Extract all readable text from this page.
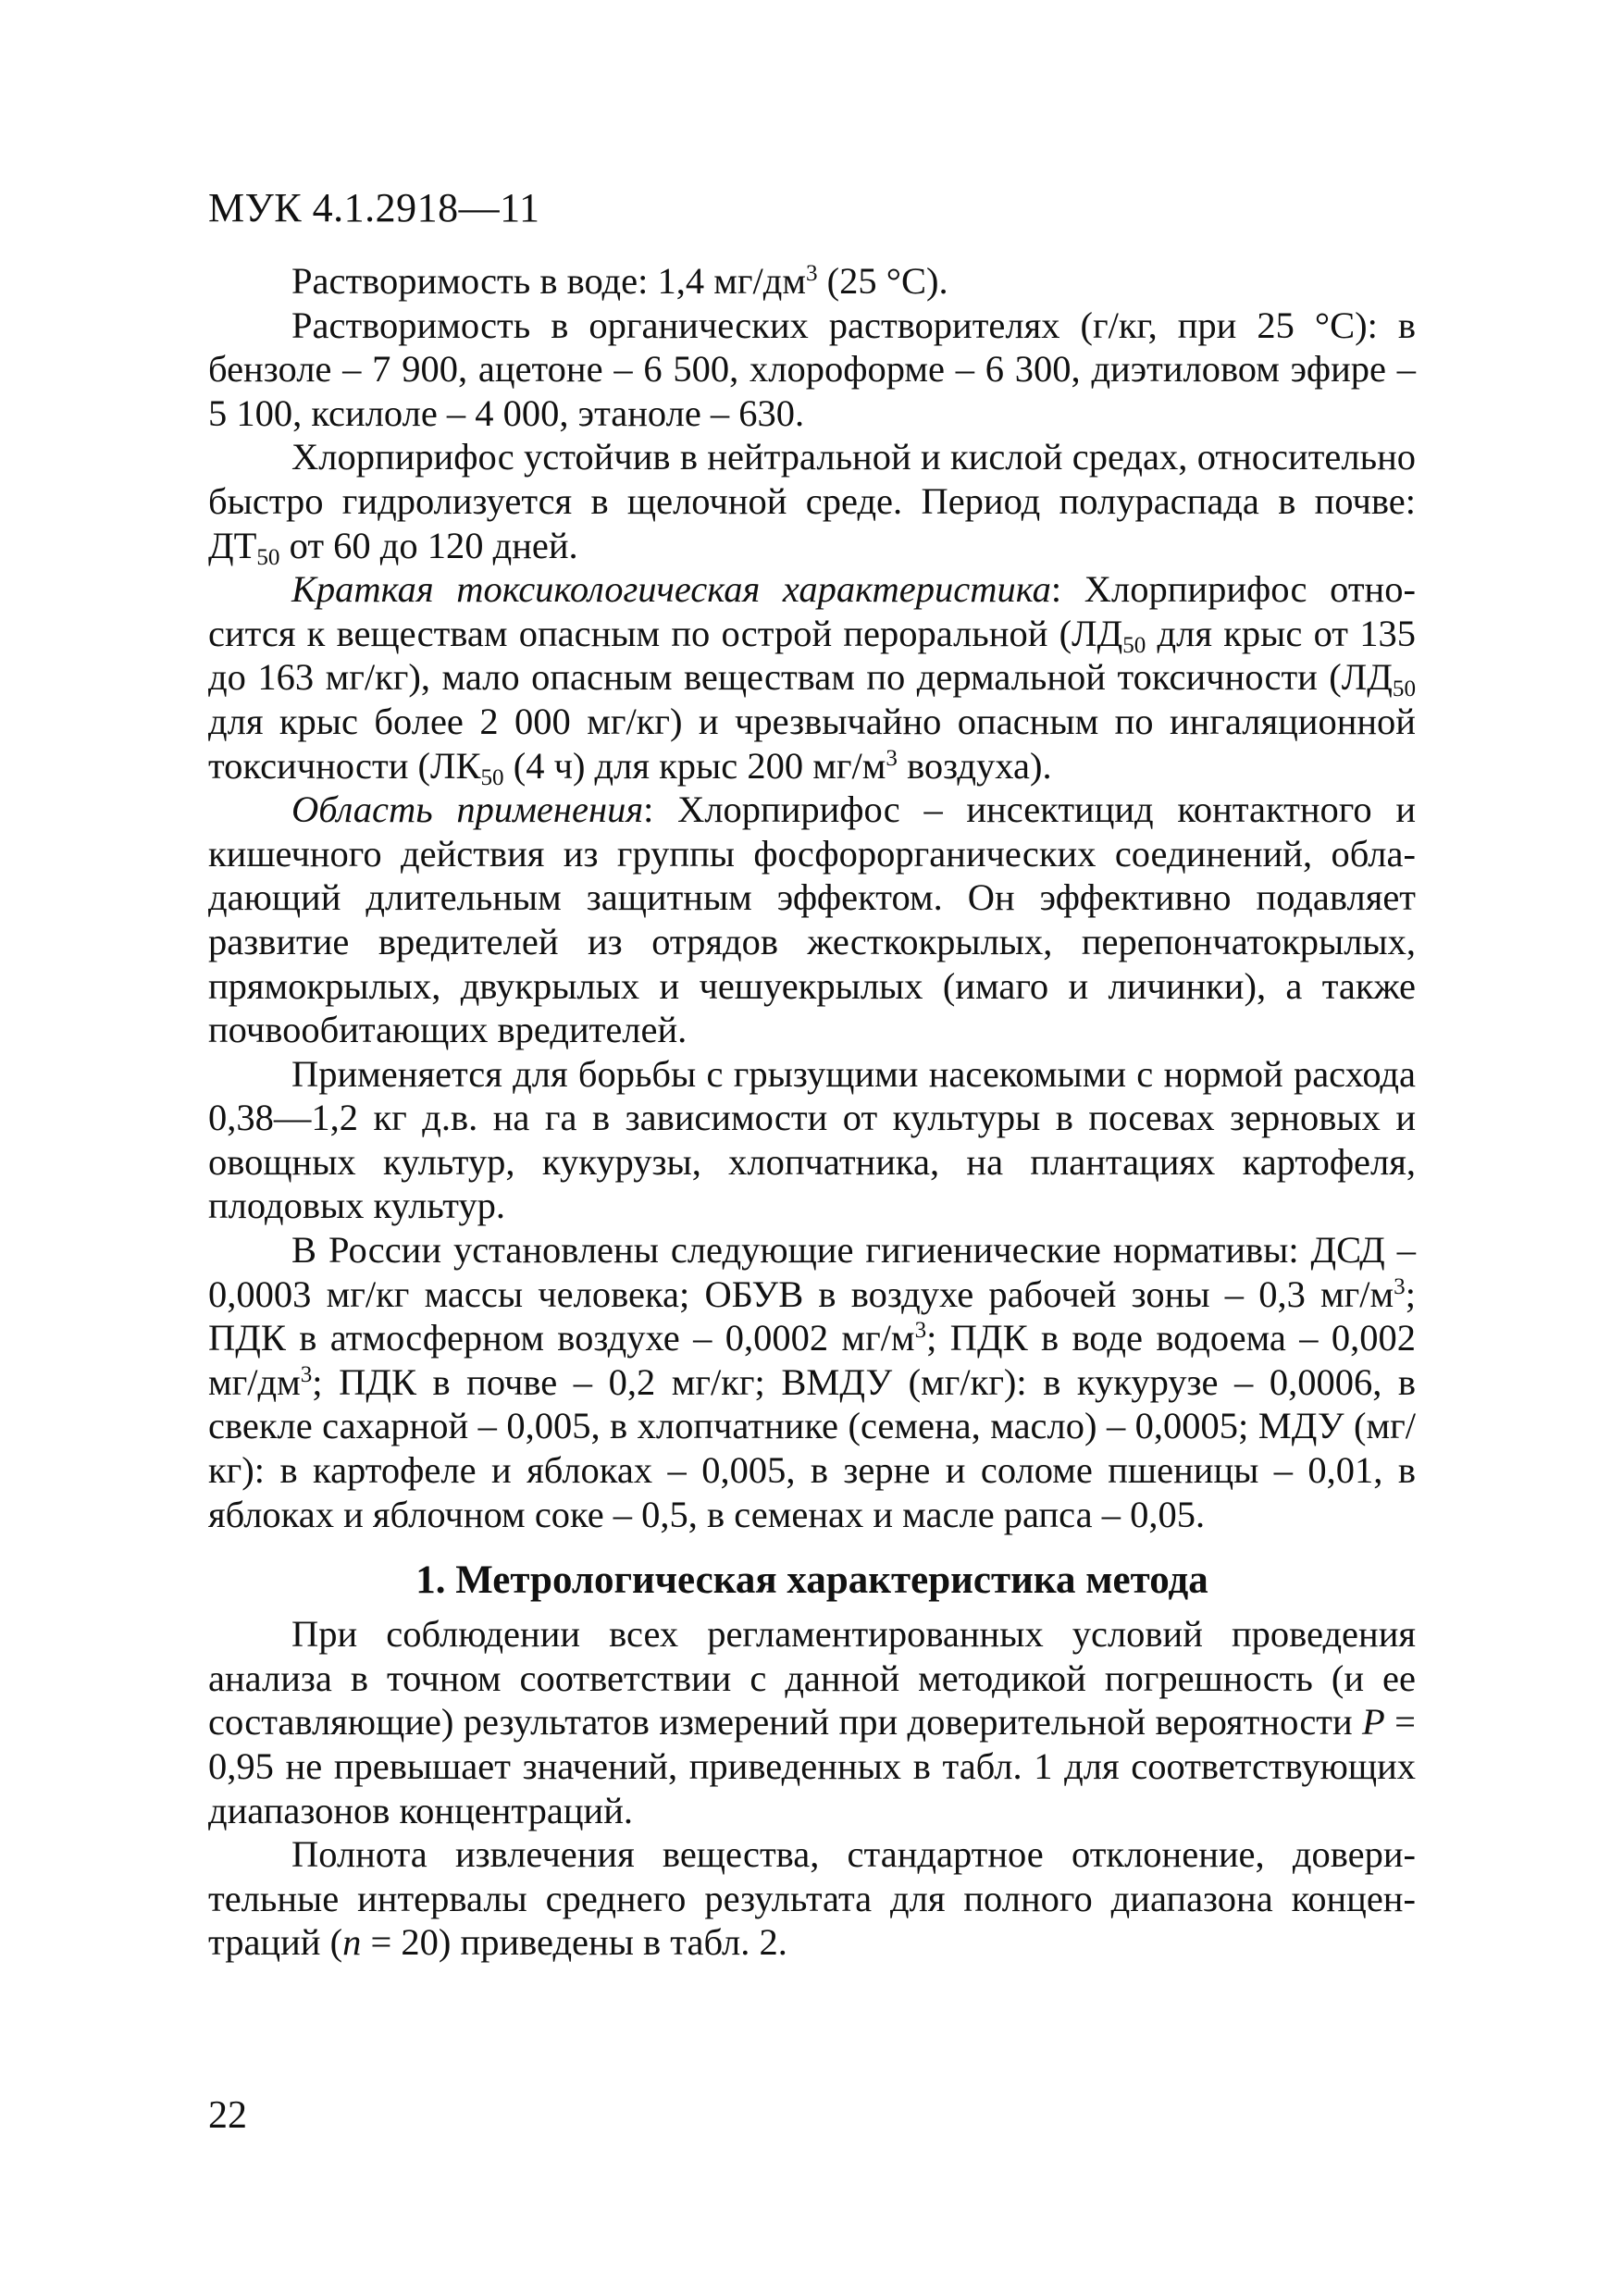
МУК 4.1.2918—11

Растворимость в воде: 1,4 $мг/дм^3$ (25 °С).

Растворимость в органических растворителях (г/кг, при 25 °С): в бензоле – 7 900, ацетоне – 6 500, хлороформе – 6 300, диэтиловом эфире – 5 100, ксилоле – 4 000, этаноле – 630.

Хлорпирифос устойчив в нейтральной и кислой средах, относительно быстро гидролизуется в щелочной среде. Период полураспада в почве: $ДТ_{50}$ от 60 до 120 дней.

Краткая токсикологическая характеристика: Хлорпирифос относится к веществам опасным по острой пероральной ($ЛД_{50}$ для крыс от 135 до 163 мг/кг), мало опасным веществам по дермальной токсичности ($ЛД_{50}$ для крыс более 2 000 мг/кг) и чрезвычайно опасным по ингаляционной токсичности ($ЛК_{50}$ (4 ч) для крыс 200 $мг/м^3$ воздуха).

Область применения: Хлорпирифос – инсектицид контактного и кишечного действия из группы фосфорорганических соединений, обладающий длительным защитным эффектом. Он эффективно подавляет развитие вредителей из отрядов жесткокрылых, перепончатокрылых, прямокрылых, двукрылых и чешуекрылых (имаго и личинки), а также почвообитающих вредителей.

Применяется для борьбы с грызущими насекомыми с нормой расхода 0,38—1,2 кг д.в. на га в зависимости от культуры в посевах зерновых и овощных культур, кукурузы, хлопчатника, на плантациях картофеля, плодовых культур.

В России установлены следующие гигиенические нормативы: ДСД – 0,0003 мг/кг массы человека; ОБУВ в воздухе рабочей зоны – 0,3 $мг/м^3$; ПДК в атмосферном воздухе – 0,0002 $мг/м^3$; ПДК в воде водоема – 0,002 $мг/дм^3$; ПДК в почве – 0,2 мг/кг; ВМДУ (мг/кг): в кукурузе – 0,0006, в свекле сахарной – 0,005, в хлопчатнике (семена, масло) – 0,0005; МДУ (мг/кг): в картофеле и яблоках – 0,005, в зерне и соломе пшеницы – 0,01, в яблоках и яблочном соке – 0,5, в семенах и масле рапса – 0,05.

1. Метрологическая характеристика метода

При соблюдении всех регламентированных условий проведения анализа в точном соответствии с данной методикой погрешность (и ее составляющие) результатов измерений при доверительной вероятности Р = 0,95 не превышает значений, приведенных в табл. 1 для соответствующих диапазонов концентраций.

Полнота извлечения вещества, стандартное отклонение, доверительные интервалы среднего результата для полного диапазона концентраций (n = 20) приведены в табл. 2.

22
